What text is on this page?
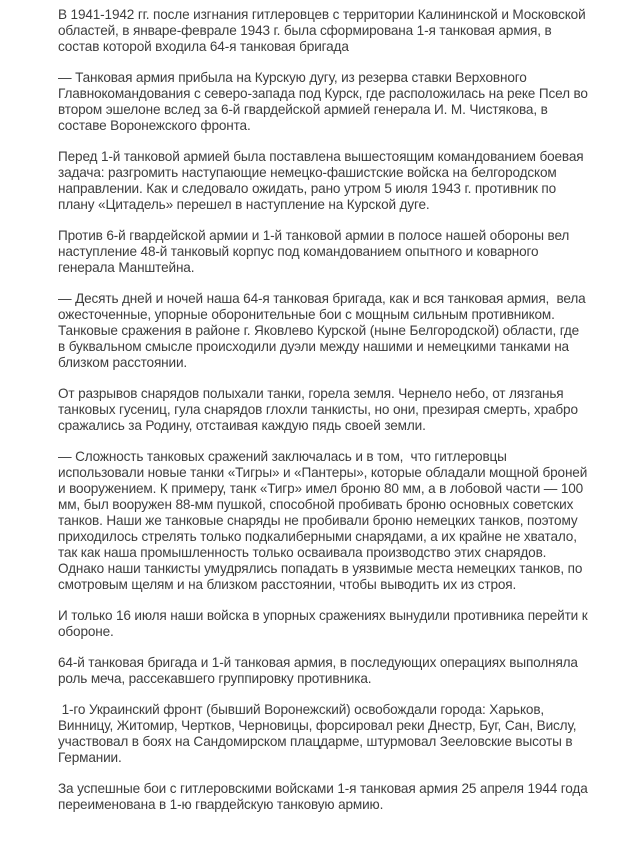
В 1941-1942 гг. после изгнания гитлеровцев с территории Калининской и Московской областей, в январе-феврале 1943 г. была сформирована 1-я танковая армия, в состав которой входила 64-я танковая бригада

— Танковая армия прибыла на Курскую дугу, из резерва ставки Верховного Главнокомандования с северо-запада под Курск, где расположилась на реке Псел во втором эшелоне вслед за 6-й гвардейской армией генерала И. М. Чистякова, в составе Воронежского фронта.

Перед 1-й танковой армией была поставлена вышестоящим командованием боевая задача: разгромить наступающие немецко-фашистские войска на белгородском направлении. Как и следовало ожидать, рано утром 5 июля 1943 г. противник по плану «Цитадель» перешел в наступление на Курской дуге.

Против 6-й гвардейской армии и 1-й танковой армии в полосе нашей обороны вел наступление 48-й танковый корпус под командованием опытного и коварного генерала Манштейна.

— Десять дней и ночей наша 64-я танковая бригада, как и вся танковая армия,  вела ожесточенные, упорные оборонительные бои с мощным сильным противником. Танковые сражения в районе г. Яковлево Курской (ныне Белгородской) области, где в буквальном смысле происходили дуэли между нашими и немецкими танками на близком расстоянии.

От разрывов снарядов полыхали танки, горела земля. Чернело небо, от лязганья танковых гусениц, гула снарядов глохли танкисты, но они, презирая смерть, храбро сражались за Родину, отстаивая каждую пядь своей земли.

— Сложность танковых сражений заключалась и в том,  что гитлеровцы использовали новые танки «Тигры» и «Пантеры», которые обладали мощной броней и вооружением. К примеру, танк «Тигр» имел броню 80 мм, а в лобовой части — 100 мм, был вооружен 88-мм пушкой, способной пробивать броню основных советских танков. Наши же танковые снаряды не пробивали броню немецких танков, поэтому приходилось стрелять только подкалиберными снарядами, а их крайне не хватало, так как наша промышленность только осваивала производство этих снарядов. Однако наши танкисты умудрялись попадать в уязвимые места немецких танков, по смотровым щелям и на близком расстоянии, чтобы выводить их из строя.

И только 16 июля наши войска в упорных сражениях вынудили противника перейти к обороне.

64-й танковая бригада и 1-й танковая армия, в последующих операциях выполняла роль меча, рассекавшего группировку противника.

1-го Украинский фронт (бывший Воронежский) освобождали города: Харьков, Винницу, Житомир, Чертков, Черновицы, форсировал реки Днестр, Буг, Сан, Вислу, участвовал в боях на Сандомирском плацдарме, штурмовал Зееловские высоты в Германии.

За успешные бои с гитлеровскими войсками 1-я танковая армия 25 апреля 1944 года переименована в 1-ю гвардейскую танковую армию.
